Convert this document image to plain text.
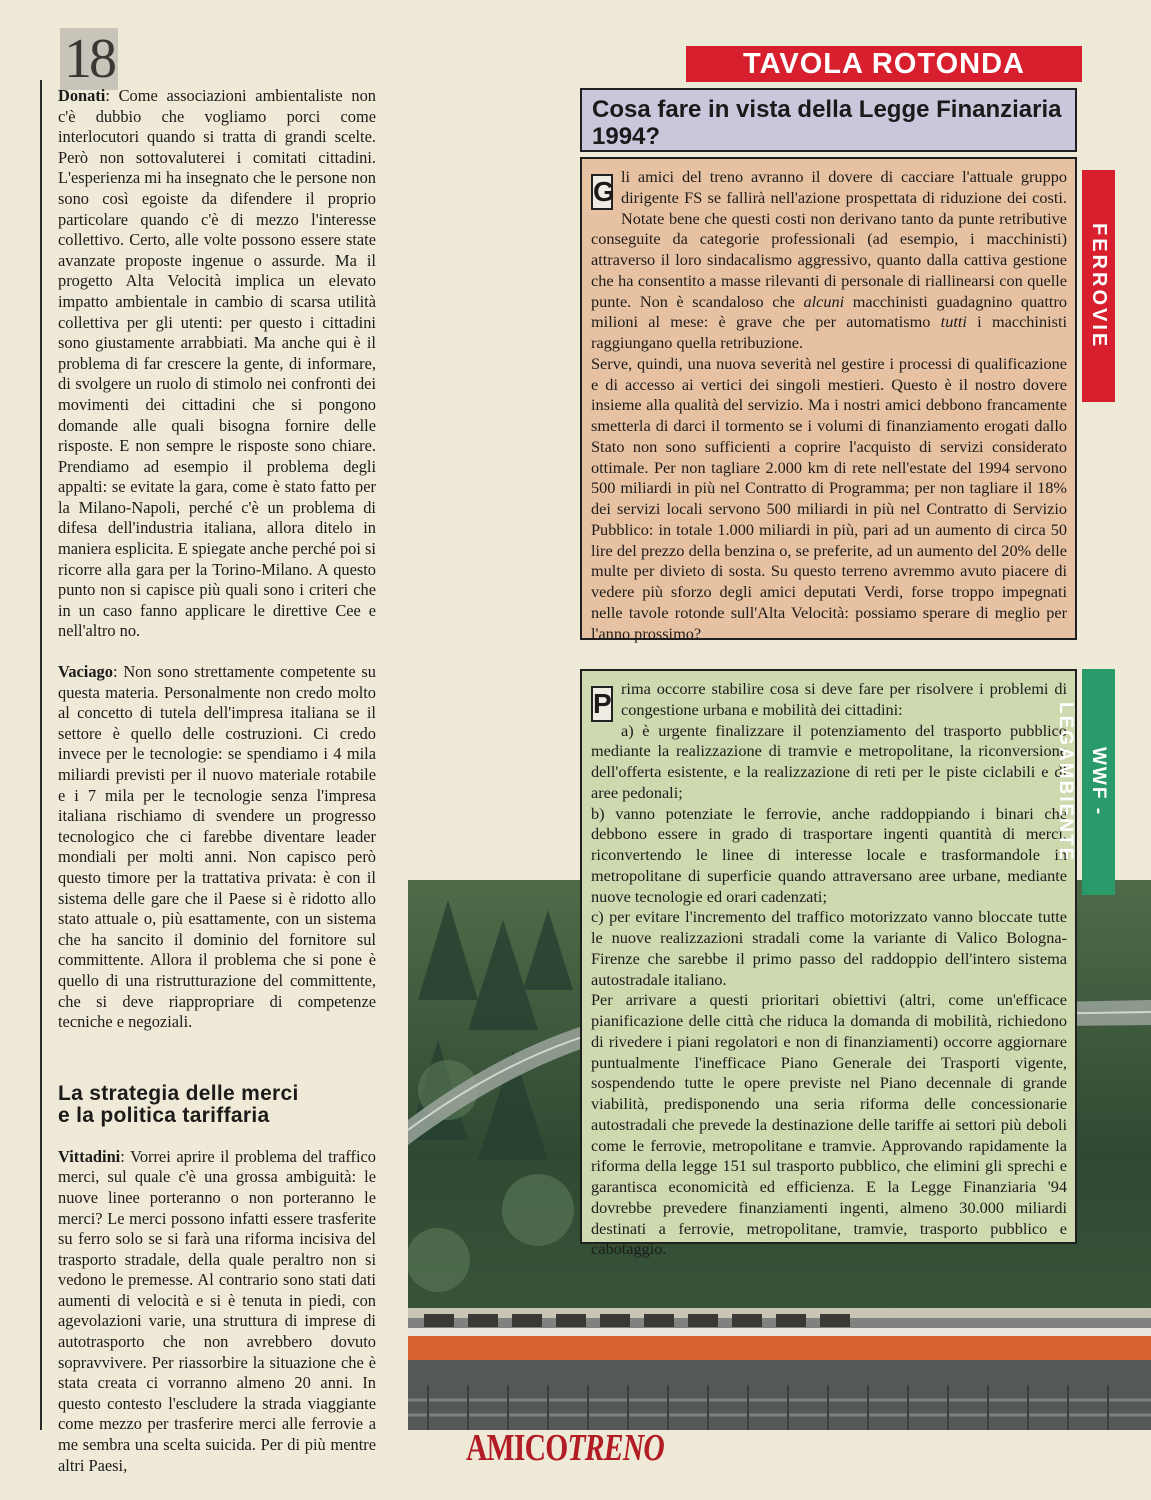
18

Donati: Come associazioni ambientaliste non c'è dubbio che vogliamo porci come interlocutori quando si tratta di grandi scelte. Però non sottovaluterei i comitati cittadini. L'esperienza mi ha insegnato che le persone non sono così egoiste da difendere il proprio particolare quando c'è di mezzo l'interesse collettivo. Certo, alle volte possono essere state avanzate proposte ingenue o assurde. Ma il progetto Alta Velocità implica un elevato impatto ambientale in cambio di scarsa utilità collettiva per gli utenti: per questo i cittadini sono giustamente arrabbiati. Ma anche qui è il problema di far crescere la gente, di informare, di svolgere un ruolo di stimolo nei confronti dei movimenti dei cittadini che si pongono domande alle quali bisogna fornire delle risposte. E non sempre le risposte sono chiare. Prendiamo ad esempio il problema degli appalti: se evitate la gara, come è stato fatto per la Milano-Napoli, perché c'è un problema di difesa dell'industria italiana, allora ditelo in maniera esplicita. E spiegate anche perché poi si ricorre alla gara per la Torino-Milano. A questo punto non si capisce più quali sono i criteri che in un caso fanno applicare le direttive Cee e nell'altro no.

Vaciago: Non sono strettamente competente su questa materia. Personalmente non credo molto al concetto di tutela dell'impresa italiana se il settore è quello delle costruzioni. Ci credo invece per le tecnologie: se spendiamo i 4 mila miliardi previsti per il nuovo materiale rotabile e i 7 mila per le tecnologie senza l'impresa italiana rischiamo di svendere un progresso tecnologico che ci farebbe diventare leader mondiali per molti anni. Non capisco però questo timore per la trattativa privata: è con il sistema delle gare che il Paese si è ridotto allo stato attuale o, più esattamente, con un sistema che ha sancito il dominio del fornitore sul committente. Allora il problema che si pone è quello di una ristrutturazione del committente, che si deve riappropriare di competenze tecniche e negoziali.

La strategia delle merci
e la politica tariffaria

Vittadini: Vorrei aprire il problema del traffico merci, sul quale c'è una grossa ambiguità: le nuove linee porteranno o non porteranno le merci? Le merci possono infatti essere trasferite su ferro solo se si farà una riforma incisiva del trasporto stradale, della quale peraltro non si vedono le premesse. Al contrario sono stati dati aumenti di velocità e si è tenuta in piedi, con agevolazioni varie, una struttura di imprese di autotrasporto che non avrebbero dovuto sopravvivere. Per riassorbire la situazione che è stata creata ci vorranno almeno 20 anni. In questo contesto l'escludere la strada viaggiante come mezzo per trasferire merci alle ferrovie a me sembra una scelta suicida. Per di più mentre altri Paesi,

TAVOLA ROTONDA
Cosa fare in vista della Legge Finanziaria 1994?
G li amici del treno avranno il dovere di cacciare l'attuale gruppo dirigente FS se fallirà nell'azione prospettata di riduzione dei costi. Notate bene che questi costi non derivano tanto da punte retributive conseguite da categorie professionali (ad esempio, i macchinisti) attraverso il loro sindacalismo aggressivo, quanto dalla cattiva gestione che ha consentito a masse rilevanti di personale di riallinearsi con quelle punte. Non è scandaloso che alcuni macchinisti guadagnino quattro milioni al mese: è grave che per automatismo tutti i macchinisti raggiungano quella retribuzione.

Serve, quindi, una nuova severità nel gestire i processi di qualificazione e di accesso ai vertici dei singoli mestieri. Questo è il nostro dovere insieme alla qualità del servizio. Ma i nostri amici debbono francamente smetterla di darci il tormento se i volumi di finanziamento erogati dallo Stato non sono sufficienti a coprire l'acquisto di servizi considerato ottimale. Per non tagliare 2.000 km di rete nell'estate del 1994 servono 500 miliardi in più nel Contratto di Programma; per non tagliare il 18% dei servizi locali servono 500 miliardi in più nel Contratto di Servizio Pubblico: in totale 1.000 miliardi in più, pari ad un aumento di circa 50 lire del prezzo della benzina o, se preferite, ad un aumento del 20% delle multe per divieto di sosta. Su questo terreno avremmo avuto piacere di vedere più sforzo degli amici deputati Verdi, forse troppo impegnati nelle tavole rotonde sull'Alta Velocità: possiamo sperare di meglio per l'anno prossimo?

FERROVIE
P rima occorre stabilire cosa si deve fare per risolvere i problemi di congestione urbana e mobilità dei cittadini:

a) è urgente finalizzare il potenziamento del trasporto pubblico mediante la realizzazione di tramvie e metropolitane, la riconversione dell'offerta esistente, e la realizzazione di reti per le piste ciclabili e di aree pedonali;

b) vanno potenziate le ferrovie, anche raddoppiando i binari che debbono essere in grado di trasportare ingenti quantità di merci, riconvertendo le linee di interesse locale e trasformandole in metropolitane di superficie quando attraversano aree urbane, mediante nuove tecnologie ed orari cadenzati;

c) per evitare l'incremento del traffico motorizzato vanno bloccate tutte le nuove realizzazioni stradali come la variante di Valico Bologna-Firenze che sarebbe il primo passo del raddoppio dell'intero sistema autostradale italiano.

Per arrivare a questi prioritari obiettivi (altri, come un'efficace pianificazione delle città che riduca la domanda di mobilità, richiedono di rivedere i piani regolatori e non di finanziamenti) occorre aggiornare puntualmente l'inefficace Piano Generale dei Trasporti vigente, sospendendo tutte le opere previste nel Piano decennale di grande viabilità, predisponendo una seria riforma delle concessionarie autostradali che prevede la destinazione delle tariffe ai settori più deboli come le ferrovie, metropolitane e tramvie. Approvando rapidamente la riforma della legge 151 sul trasporto pubblico, che elimini gli sprechi e garantisca economicità ed efficienza. E la Legge Finanziaria '94 dovrebbe prevedere finanziamenti ingenti, almeno 30.000 miliardi destinati a ferrovie, metropolitane, tramvie, trasporto pubblico e cabotaggio.

WWF - LEGAMBIENTE
AMICOTRENO
